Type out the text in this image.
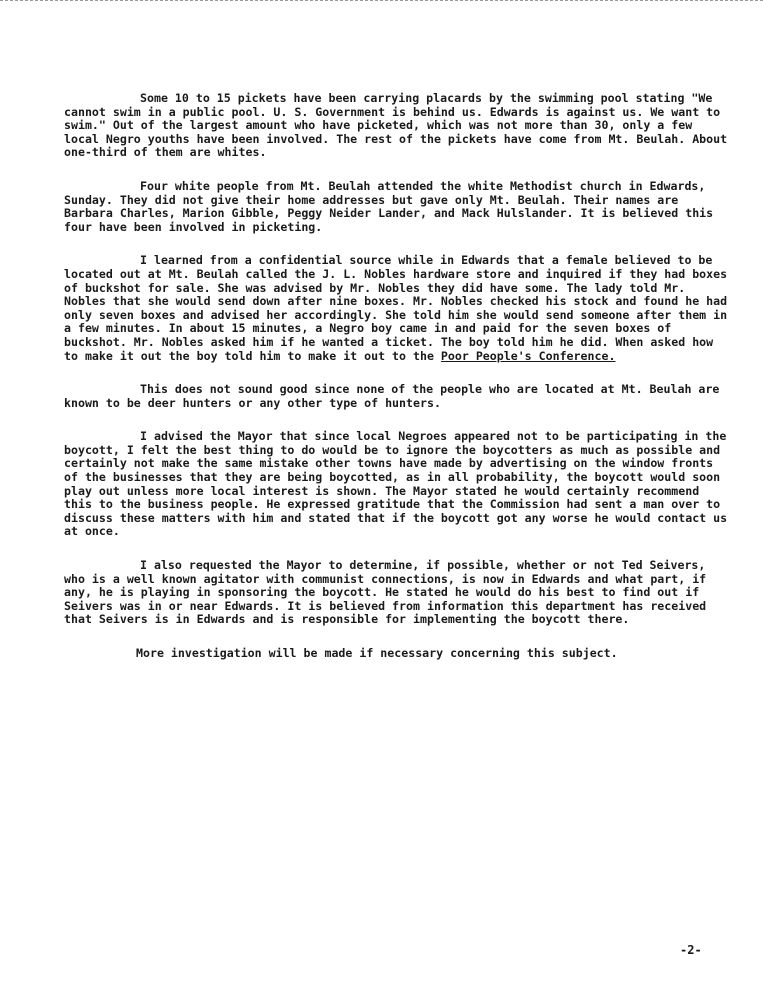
Some 10 to 15 pickets have been carrying placards by the swimming pool stating "We cannot swim in a public pool. U. S. Government is behind us. Edwards is against us. We want to swim." Out of the largest amount who have picketed, which was not more than 30, only a few local Negro youths have been involved. The rest of the pickets have come from Mt. Beulah. About one-third of them are whites.

Four white people from Mt. Beulah attended the white Methodist church in Edwards, Sunday. They did not give their home addresses but gave only Mt. Beulah. Their names are Barbara Charles, Marion Gibble, Peggy Neider Lander, and Mack Hulslander. It is believed this four have been involved in picketing.

I learned from a confidential source while in Edwards that a female believed to be located out at Mt. Beulah called the J. L. Nobles hardware store and inquired if they had boxes of buckshot for sale. She was advised by Mr. Nobles they did have some. The lady told Mr. Nobles that she would send down after nine boxes. Mr. Nobles checked his stock and found he had only seven boxes and advised her accordingly. She told him she would send someone after them in a few minutes. In about 15 minutes, a Negro boy came in and paid for the seven boxes of buckshot. Mr. Nobles asked him if he wanted a ticket. The boy told him he did. When asked how to make it out the boy told him to make it out to the Poor People's Conference.

This does not sound good since none of the people who are located at Mt. Beulah are known to be deer hunters or any other type of hunters.

I advised the Mayor that since local Negroes appeared not to be participating in the boycott, I felt the best thing to do would be to ignore the boycotters as much as possible and certainly not make the same mistake other towns have made by advertising on the window fronts of the businesses that they are being boycotted, as in all probability, the boycott would soon play out unless more local interest is shown. The Mayor stated he would certainly recommend this to the business people. He expressed gratitude that the Commission had sent a man over to discuss these matters with him and stated that if the boycott got any worse he would contact us at once.

I also requested the Mayor to determine, if possible, whether or not Ted Seivers, who is a well known agitator with communist connections, is now in Edwards and what part, if any, he is playing in sponsoring the boycott. He stated he would do his best to find out if Seivers was in or near Edwards. It is believed from information this department has received that Seivers is in Edwards and is responsible for implementing the boycott there.

More investigation will be made if necessary concerning this subject.

-2-
